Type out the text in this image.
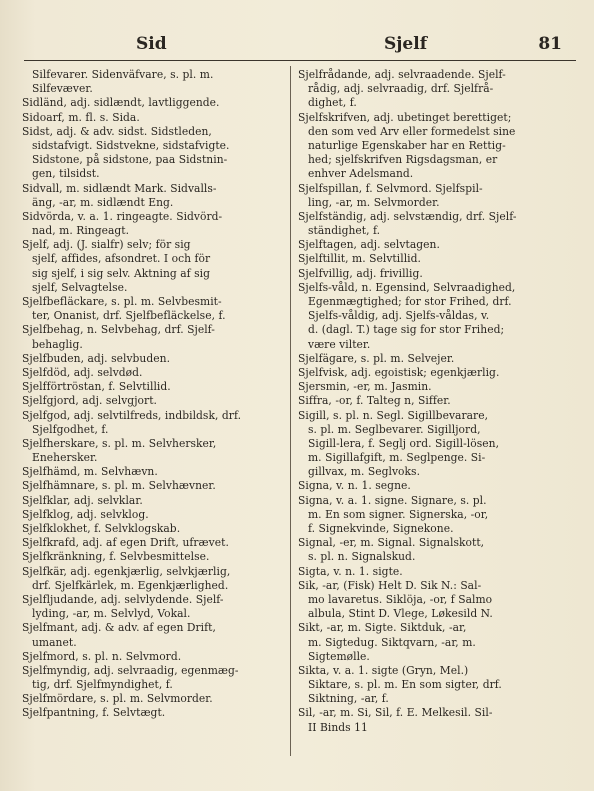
Sid	Sjelf	81
Silfevarer. Sidenväfvare, s. pl. m.
Silfevæver.
Sidländ, adj. sidlændt, lavtliggende.
Sidoarf, m. fl. s. Sida.
Sidst, adj. & adv. sidst. Sidstleden,
sidstafvigt. Sidstvekne, sidstafvigte.
Sidstone, på sidstone, paa Sidstnin-
gen, tilsidst.
Sidvall, m. sidlændt Mark. Sidvalls-
äng, -ar, m. sidlændt Eng.
Sidvörda, v. a. 1. ringeagte. Sidvörd-
nad, m. Ringeagt.
Sjelf, adj. (J. sialfr) selv; för sig
sjelf, affides, afsondret. I och för
sig sjelf, i sig selv. Aktning af sig
sjelf, Selvagtelse.
Sjelfbefläckare, s. pl. m. Selvbesmit-
ter, Onanist, drf. Sjelfbefläckelse, f.
Sjelfbehag, n. Selvbehag, drf. Sjelf-
behaglig.
Sjelfbuden, adj. selvbuden.
Sjelfdöd, adj. selvdød.
Sjelfförtröstan, f. Selvtillid.
Sjelfgjord, adj. selvgjort.
Sjelfgod, adj. selvtilfreds, indbildsk, drf.
Sjelfgodhet, f.
Sjelfherskare, s. pl. m. Selvhersker,
Enehersker.
Sjelfhämd, m. Selvhævn.
Sjelfhämnare, s. pl. m. Selvhævner.
Sjelfklar, adj. selvklar.
Sjelfklog, adj. selvklog.
Sjelfklokhet, f. Selvklogskab.
Sjelfkrafd, adj. af egen Drift, ufrævet.
Sjelfkränkning, f. Selvbesmittelse.
Sjelfkär, adj. egenkjærlig, selvkjærlig,
drf. Sjelfkärlek, m. Egenkjærlighed.
Sjelfljudande, adj. selvlydende. Sjelf-
lyding, -ar, m. Selvlyd, Vokal.
Sjelfmant, adj. & adv. af egen Drift,
umanet.
Sjelfmord, s. pl. n. Selvmord.
Sjelfmyndig, adj. selvraadig, egenmæg-
tig, drf. Sjelfmyndighet, f.
Sjelfmördare, s. pl. m. Selvmorder.
Sjelfpantning, f. Selvtægt.
Sjelfrådande, adj. selvraadende. Sjelf-
rådig, adj. selvraadig, drf. Sjelfrå-
dighet, f.
Sjelfskrifven, adj. ubetinget berettiget;
den som ved Arv eller formedelst sine
naturlige Egenskaber har en Rettig-
hed; sjelfskrifven Rigsdagsman, er
enhver Adelsmand.
Sjelfspillan, f. Selvmord. Sjelfspil-
ling, -ar, m. Selvmorder.
Sjelfständig, adj. selvstændig, drf. Sjelf-
ständighet, f.
Sjelftagen, adj. selvtagen.
Sjelftillit, m. Selvtillid.
Sjelfvillig, adj. frivillig.
Sjelfs-våld, n. Egensind, Selvraadighed,
Egenmægtighed; for stor Frihed, drf.
Sjelfs-våldig, adj. Sjelfs-våldas, v.
d. (dagl. T.) tage sig for stor Frihed;
være vilter.
Sjelfägare, s. pl. m. Selvejer.
Sjelfvisk, adj. egoistisk; egenkjærlig.
Sjersmin, -er, m. Jasmin.
Siffra, -or, f. Talteg n, Siffer.
Sigill, s. pl. n. Segl. Sigillbevarare,
s. pl. m. Seglbevarer. Sigilljord,
Sigill-lera, f. Seglj ord. Sigill-lösen,
m. Sigillafgift, m. Seglpenge. Si-
gillvax, m. Seglvoks.
Signa, v. n. 1. segne.
Signa, v. a. 1. signe. Signare, s. pl.
m. En som signer. Signerska, -or,
f. Signekvinde, Signekone.
Signal, -er, m. Signal. Signalskott,
s. pl. n. Signalskud.
Sigta, v. n. 1. sigte.
Sik, -ar, (Fisk) Helt D. Sik N.: Sal-
mo lavaretus. Siklöja, -or, f Salmo
albula, Stint D. Vlege, Løkesild N.
Sikt, -ar, m. Sigte. Siktduk, -ar,
m. Sigtedug. Siktqvarn, -ar, m.
Sigtemølle.
Sikta, v. a. 1. sigte (Gryn, Mel.)
Siktare, s. pl. m. En som sigter, drf.
Siktning, -ar, f.
Sil, -ar, m. Si, Sil, f. E. Melkesil. Sil-
II Binds 11
